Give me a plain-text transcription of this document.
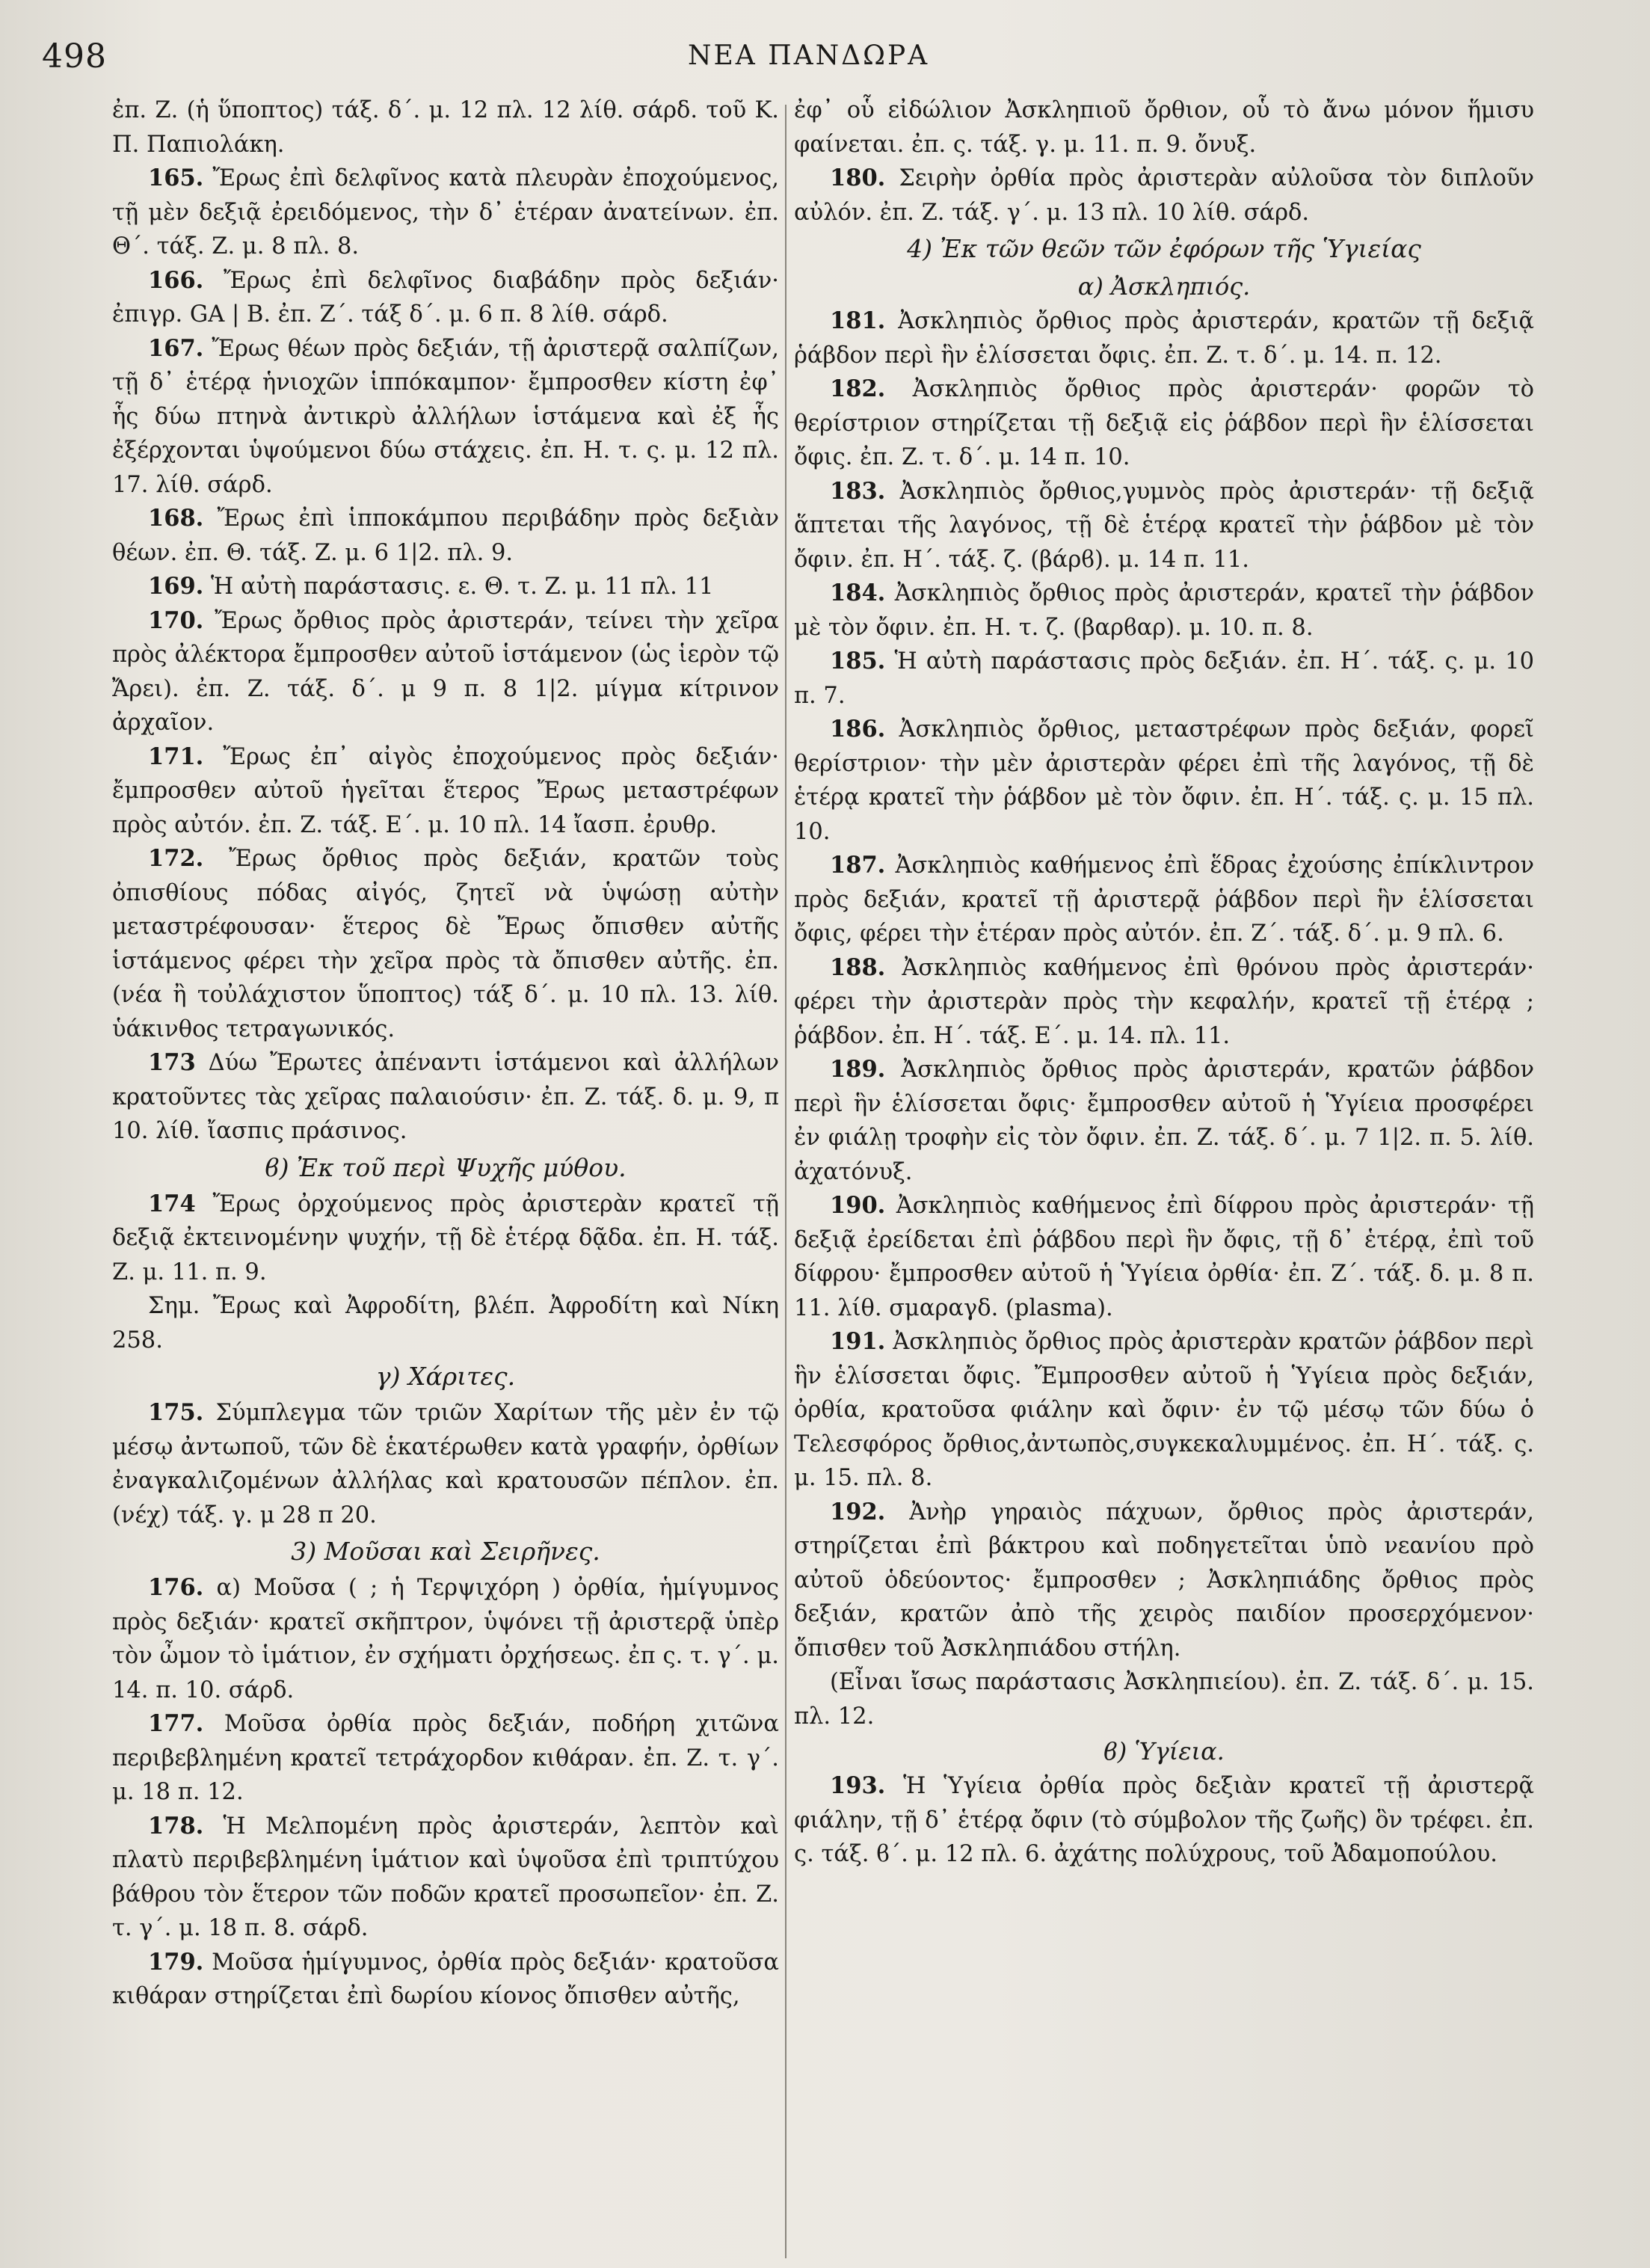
498	ΝΕΑ ΠΑΝΔΩΡΑ

ἐπ. Ζ. (ἡ ὕποπτος) τάξ. δ΄. μ. 12 πλ. 12 λίθ. σάρδ. τοῦ Κ. Π. Παπιολάκη.

165. Ἔρως ἐπὶ δελφῖνος κατὰ πλευρὰν ἐποχούμενος, τῇ μὲν δεξιᾷ ἐρειδόμενος, τὴν δ᾽ ἑτέραν ἀνατείνων. ἐπ. Θ΄. τάξ. Ζ. μ. 8 πλ. 8.

166. Ἔρως ἐπὶ δελφῖνος διαβάδην πρὸς δεξιάν· ἐπιγρ. GA | Β. ἐπ. Ζ΄. τάξ δ΄. μ. 6 π. 8 λίθ. σάρδ.

167. Ἔρως θέων πρὸς δεξιάν, τῇ ἀριστερᾷ σαλπίζων, τῇ δ᾽ ἑτέρᾳ ἡνιοχῶν ἱππόκαμπον· ἔμπροσθεν κίστη ἐφ᾽ ἧς δύω πτηνὰ ἀντικρὺ ἀλλήλων ἱστάμενα καὶ ἐξ ἧς ἐξέρχονται ὑψούμενοι δύω στάχεις. ἐπ. Η. τ. ς. μ. 12 πλ. 17. λίθ. σάρδ.

168. Ἔρως ἐπὶ ἱπποκάμπου περιβάδην πρὸς δεξιὰν θέων. ἐπ. Θ. τάξ. Ζ. μ. 6 1|2. πλ. 9.

169. Ἡ αὐτὴ παράστασις. ε. Θ. τ. Ζ. μ. 11 πλ. 11

170. Ἔρως ὄρθιος πρὸς ἀριστεράν, τείνει τὴν χεῖρα πρὸς ἀλέκτορα ἔμπροσθεν αὐτοῦ ἱστάμενον (ὡς ἱερὸν τῷ Ἄρει). ἐπ. Ζ. τάξ. δ΄. μ 9 π. 8 1|2. μίγμα κίτρινον ἀρχαῖον.

171. Ἔρως ἐπ᾽ αἰγὸς ἐποχούμενος πρὸς δεξιάν· ἔμπροσθεν αὐτοῦ ἡγεῖται ἕτερος Ἔρως μεταστρέφων πρὸς αὐτόν. ἐπ. Ζ. τάξ. Ε΄. μ. 10 πλ. 14 ἴασπ. ἐρυθρ.

172. Ἔρως ὄρθιος πρὸς δεξιάν, κρατῶν τοὺς ὀπισθίους πόδας αἰγός, ζητεῖ νὰ ὑψώσῃ αὐτὴν μεταστρέφουσαν· ἕτερος δὲ Ἔρως ὄπισθεν αὐτῆς ἱστάμενος φέρει τὴν χεῖρα πρὸς τὰ ὄπισθεν αὐτῆς. ἐπ. (νέα ἢ τοὐλάχιστον ὕποπτος) τάξ δ΄. μ. 10 πλ. 13. λίθ. ὑάκινθος τετραγωνικός.

173 Δύω Ἔρωτες ἀπέναντι ἱστάμενοι καὶ ἀλλήλων κρατοῦντες τὰς χεῖρας παλαιούσιν· ἐπ. Ζ. τάξ. δ. μ. 9, π 10. λίθ. ἴασπις πράσινος.

ϐ) Ἐκ τοῦ περὶ Ψυχῆς μύθου.

174 Ἔρως ὀρχούμενος πρὸς ἀριστερὰν κρατεῖ τῇ δεξιᾷ ἐκτεινομένην ψυχήν, τῇ δὲ ἑτέρᾳ δᾷδα. ἐπ. Η. τάξ. Ζ. μ. 11. π. 9.

Σημ. Ἔρως καὶ Ἀφροδίτη, βλέπ. Ἀφροδίτη καὶ Νίκη 258.

γ) Χάριτες.

175. Σύμπλεγμα τῶν τριῶν Χαρίτων τῆς μὲν ἐν τῷ μέσῳ ἀντωποῦ, τῶν δὲ ἑκατέρωθεν κατὰ γραφήν, ὀρθίων ἐναγκαλιζομένων ἀλλήλας καὶ κρατουσῶν πέπλον. ἐπ. (νέχ) τάξ. γ. μ 28 π 20.

3) Μοῦσαι καὶ Σειρῆνες.

176. α) Μοῦσα ( ; ἡ Τερψιχόρη ) ὀρθία, ἡμίγυμνος πρὸς δεξιάν· κρατεῖ σκῆπτρον, ὑψόνει τῇ ἀριστερᾷ ὑπὲρ τὸν ὦμον τὸ ἱμάτιον, ἐν σχήματι ὀρχήσεως. ἐπ ς. τ. γ΄. μ. 14. π. 10. σάρδ.

177. Μοῦσα ὀρθία πρὸς δεξιάν, ποδήρη χιτῶνα περιβεβλημένη κρατεῖ τετράχορδον κιθάραν. ἐπ. Ζ. τ. γ΄. μ. 18 π. 12.

178. Ἡ Μελπομένη πρὸς ἀριστεράν, λεπτὸν καὶ πλατὺ περιβεβλημένη ἱμάτιον καὶ ὑψοῦσα ἐπὶ τριπτύχου βάθρου τὸν ἕτερον τῶν ποδῶν κρατεῖ προσωπεῖον· ἐπ. Ζ. τ. γ΄. μ. 18 π. 8. σάρδ.

179. Μοῦσα ἡμίγυμνος, ὀρθία πρὸς δεξιάν· κρατοῦσα κιθάραν στηρίζεται ἐπὶ δωρίου κίονος ὄπισθεν αὐτῆς,

ἐφ᾽ οὗ εἰδώλιον Ἀσκληπιοῦ ὄρθιον, οὗ τὸ ἄνω μόνον ἥμισυ φαίνεται. ἐπ. ς. τάξ. γ. μ. 11. π. 9. ὄνυξ.

180. Σειρὴν ὀρθία πρὸς ἀριστερὰν αὐλοῦσα τὸν διπλοῦν αὐλόν. ἐπ. Ζ. τάξ. γ΄. μ. 13 πλ. 10 λίθ. σάρδ.

4) Ἐκ τῶν θεῶν τῶν ἐφόρων τῆς Ὑγιείας
α) Ἀσκληπιός.

181. Ἀσκληπιὸς ὄρθιος πρὸς ἀριστεράν, κρατῶν τῇ δεξιᾷ ῥάβδον περὶ ἣν ἑλίσσεται ὄφις. ἐπ. Ζ. τ. δ΄. μ. 14. π. 12.

182. Ἀσκληπιὸς ὄρθιος πρὸς ἀριστεράν· φορῶν τὸ θερίστριον στηρίζεται τῇ δεξιᾷ εἰς ῥάβδον περὶ ἣν ἑλίσσεται ὄφις. ἐπ. Ζ. τ. δ΄. μ. 14 π. 10.

183. Ἀσκληπιὸς ὄρθιος,γυμνὸς πρὸς ἀριστεράν· τῇ δεξιᾷ ἅπτεται τῆς λαγόνος, τῇ δὲ ἑτέρᾳ κρατεῖ τὴν ῥάβδον μὲ τὸν ὄφιν. ἐπ. Η΄. τάξ. ζ. (βάρϐ). μ. 14 π. 11.

184. Ἀσκληπιὸς ὄρθιος πρὸς ἀριστεράν, κρατεῖ τὴν ῥάβδον μὲ τὸν ὄφιν. ἐπ. Η. τ. ζ. (βαρϐαρ). μ. 10. π. 8.

185. Ἡ αὐτὴ παράστασις πρὸς δεξιάν. ἐπ. Η΄. τάξ. ς. μ. 10 π. 7.

186. Ἀσκληπιὸς ὄρθιος, μεταστρέφων πρὸς δεξιάν, φορεῖ θερίστριον· τὴν μὲν ἀριστερὰν φέρει ἐπὶ τῆς λαγόνος, τῇ δὲ ἑτέρᾳ κρατεῖ τὴν ῥάβδον μὲ τὸν ὄφιν. ἐπ. Η΄. τάξ. ς. μ. 15 πλ. 10.

187. Ἀσκληπιὸς καθήμενος ἐπὶ ἕδρας ἐχούσης ἐπίκλιντρον πρὸς δεξιάν, κρατεῖ τῇ ἀριστερᾷ ῥάβδον περὶ ἣν ἑλίσσεται ὄφις, φέρει τὴν ἑτέραν πρὸς αὐτόν. ἐπ. Ζ΄. τάξ. δ΄. μ. 9 πλ. 6.

188. Ἀσκληπιὸς καθήμενος ἐπὶ θρόνου πρὸς ἀριστεράν· φέρει τὴν ἀριστερὰν πρὸς τὴν κεφαλήν, κρατεῖ τῇ ἑτέρᾳ ; ῥάβδον. ἐπ. Η΄. τάξ. Ε΄. μ. 14. πλ. 11.

189. Ἀσκληπιὸς ὄρθιος πρὸς ἀριστεράν, κρατῶν ῥάβδον περὶ ἣν ἑλίσσεται ὄφις· ἔμπροσθεν αὐτοῦ ἡ Ὑγίεια προσφέρει ἐν φιάλῃ τροφὴν εἰς τὸν ὄφιν. ἐπ. Ζ. τάξ. δ΄. μ. 7 1|2. π. 5. λίθ. ἀχατόνυξ.

190. Ἀσκληπιὸς καθήμενος ἐπὶ δίφρου πρὸς ἀριστεράν· τῇ δεξιᾷ ἐρείδεται ἐπὶ ῥάβδου περὶ ἣν ὄφις, τῇ δ᾽ ἑτέρᾳ, ἐπὶ τοῦ δίφρου· ἔμπροσθεν αὐτοῦ ἡ Ὑγίεια ὀρθία· ἐπ. Ζ΄. τάξ. δ. μ. 8 π. 11. λίθ. σμαραγδ. (plasma).

191. Ἀσκληπιὸς ὄρθιος πρὸς ἀριστερὰν κρατῶν ῥάβδον περὶ ἣν ἑλίσσεται ὄφις. Ἔμπροσθεν αὐτοῦ ἡ Ὑγίεια πρὸς δεξιάν, ὀρθία, κρατοῦσα φιάλην καὶ ὄφιν· ἐν τῷ μέσῳ τῶν δύω ὁ Τελεσφόρος ὄρθιος,ἀντωπὸς,συγκεκαλυμμένος. ἐπ. Η΄. τάξ. ς. μ. 15. πλ. 8.

192. Ἀνὴρ γηραιὸς πάχυων, ὄρθιος πρὸς ἀριστεράν, στηρίζεται ἐπὶ βάκτρου καὶ ποδηγετεῖται ὑπὸ νεανίου πρὸ αὐτοῦ ὁδεύοντος· ἔμπροσθεν ; Ἀσκληπιάδης ὄρθιος πρὸς δεξιάν, κρατῶν ἀπὸ τῆς χειρὸς παιδίον προσερχόμενον· ὄπισθεν τοῦ Ἀσκληπιάδου στήλη.

(Εἶναι ἴσως παράστασις Ἀσκληπιείου). ἐπ. Ζ. τάξ. δ΄. μ. 15. πλ. 12.

ϐ) Ὑγίεια.

193. Ἡ Ὑγίεια ὀρθία πρὸς δεξιὰν κρατεῖ τῇ ἀριστερᾷ φιάλην, τῇ δ᾽ ἑτέρᾳ ὄφιν (τὸ σύμβολον τῆς ζωῆς) ὃν τρέφει. ἐπ. ς. τάξ. ϐ΄. μ. 12 πλ. 6. ἀχάτης πολύχρους, τοῦ Ἀδαμοπούλου.
